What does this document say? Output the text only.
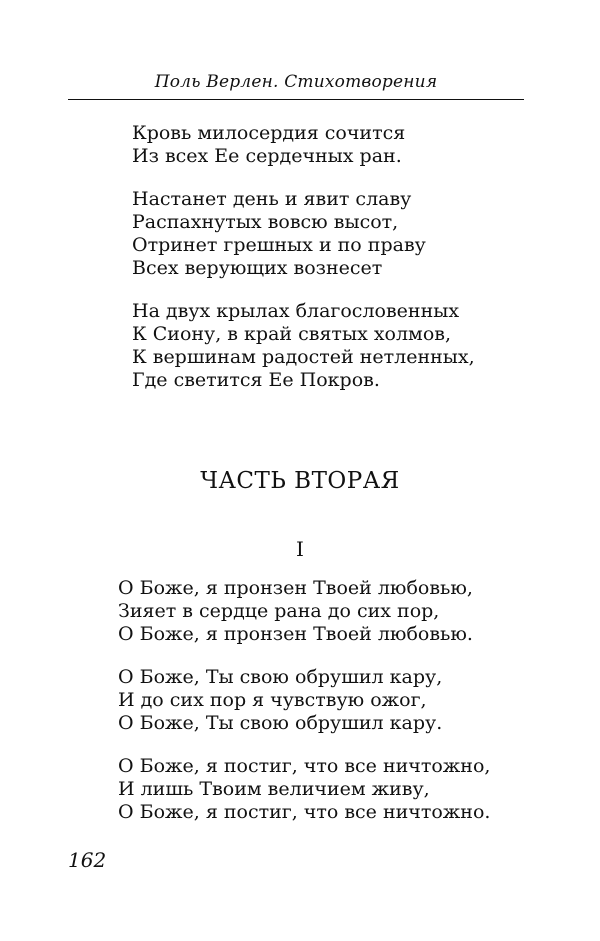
Поль Верлен. Стихотворения
Кровь милосердия сочится
Из всех Ее сердечных ран.
Настанет день и явит славу
Распахнутых вовсю высот,
Отринет грешных и по праву
Всех верующих вознесет
На двух крылах благословенных
К Сиону, в край святых холмов,
К вершинам радостей нетленных,
Где светится Ее Покров.
ЧАСТЬ ВТОРАЯ
I
О Боже, я пронзен Твоей любовью,
Зияет в сердце рана до сих пор,
О Боже, я пронзен Твоей любовью.
О Боже, Ты свою обрушил кару,
И до сих пор я чувствую ожог,
О Боже, Ты свою обрушил кару.
О Боже, я постиг, что все ничтожно,
И лишь Твоим величием живу,
О Боже, я постиг, что все ничтожно.
162
